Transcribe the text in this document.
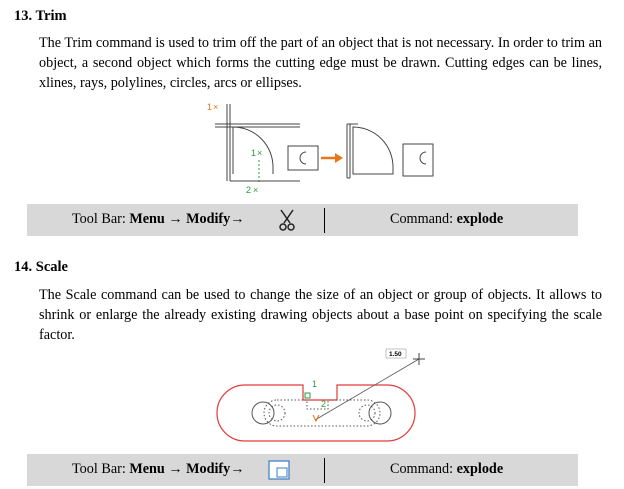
13. Trim
The Trim command is used to trim off the part of an object that is not necessary. In order to trim an object, a second object which forms the cutting edge must be drawn. Cutting edges can be lines, xlines, rays, polylines, circles, arcs or ellipses.
1 ×
1 ×
2 ×
Tool Bar: Menu → Modify→	Command: explode
14. Scale
The Scale command can be used to change the size of an object or group of objects. It allows to shrink or enlarge the already existing drawing objects about a base point on specifying the scale factor.
1.50
1
2
Tool Bar: Menu → Modify→	Command: explode
